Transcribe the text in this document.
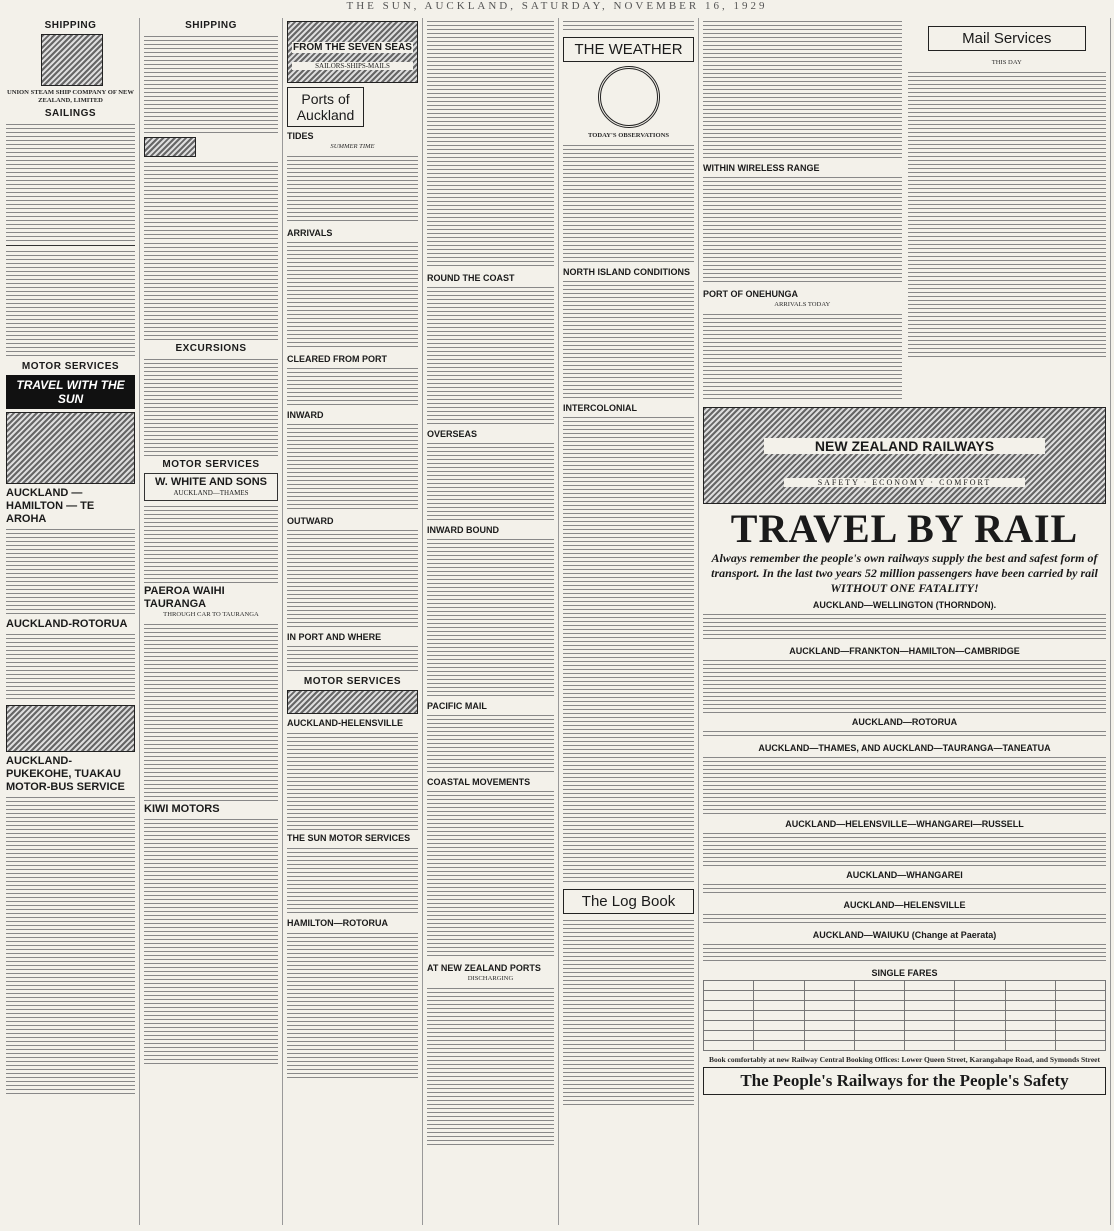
THE SUN, AUCKLAND, SATURDAY, NOVEMBER 16, 1929
SHIPPING
UNION STEAM SHIP COMPANY OF NEW ZEALAND, LIMITED
SAILINGS
MOTOR SERVICES
TRAVEL WITH THE SUN
AUCKLAND — HAMILTON — TE AROHA
AUCKLAND-ROTORUA
AUCKLAND-PUKEKOHE, TUAKAU MOTOR-BUS SERVICE
SHIPPING
EXCURSIONS
MOTOR SERVICES
W. WHITE AND SONS
AUCKLAND—THAMES
PAEROA WAIHI TAURANGA
THROUGH CAR TO TAURANGA
KIWI MOTORS
FROM THE SEVEN SEAS
SAILORS-SHIPS-MAILS
Ports of Auckland
TIDES
SUMMER TIME
ARRIVALS
CLEARED FROM PORT
INWARD
OUTWARD
IN PORT AND WHERE
MOTOR SERVICES
AUCKLAND-HELENSVILLE
THE SUN MOTOR SERVICES
HAMILTON—ROTORUA
ROUND THE COAST
OVERSEAS
INWARD BOUND
PACIFIC MAIL
COASTAL MOVEMENTS
AT NEW ZEALAND PORTS
DISCHARGING
THE WEATHER
TODAY'S OBSERVATIONS
NORTH ISLAND CONDITIONS
INTERCOLONIAL
The Log Book
WITHIN WIRELESS RANGE
PORT OF ONEHUNGA
ARRIVALS TODAY
Mail Services
THIS DAY
NEW ZEALAND RAILWAYS
SAFETY · ECONOMY · COMFORT
TRAVEL BY RAIL
Always remember the people's own railways supply the best and safest form of transport. In the last two years 52 million passengers have been carried by rail WITHOUT ONE FATALITY!
AUCKLAND—WELLINGTON (THORNDON).
AUCKLAND—FRANKTON—HAMILTON—CAMBRIDGE
AUCKLAND—ROTORUA
AUCKLAND—THAMES, AND AUCKLAND—TAURANGA—TANEATUA
AUCKLAND—HELENSVILLE—WHANGAREI—RUSSELL
AUCKLAND—WHANGAREI
AUCKLAND—HELENSVILLE
AUCKLAND—WAIUKU (Change at Paerata)
SINGLE FARES

Book comfortably at new Railway Central Booking Offices: Lower Queen Street, Karangahape Road, and Symonds Street
The People's Railways for the People's Safety
